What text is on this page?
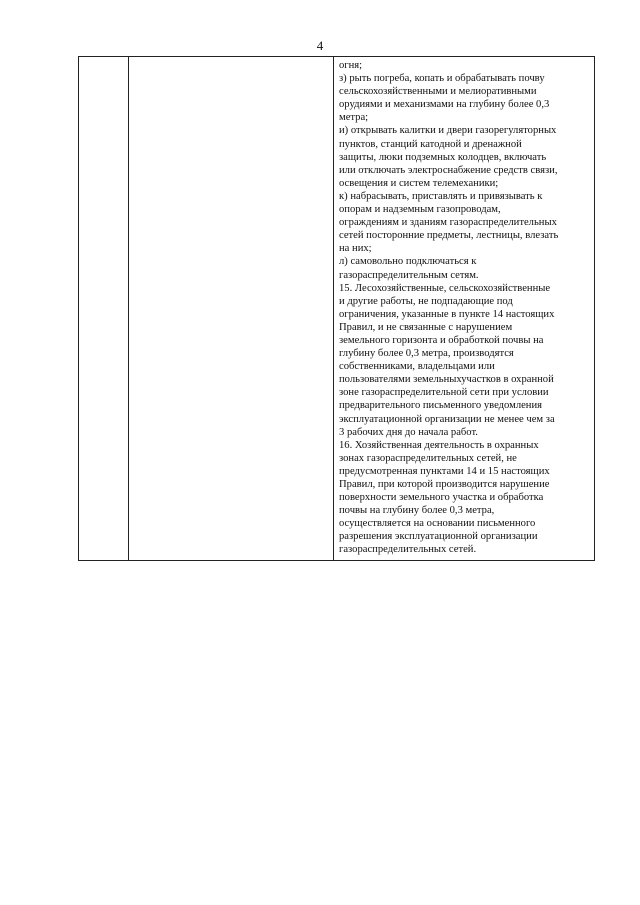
4

огня;
з) рыть погреба, копать и обрабатывать почву
сельскохозяйственными и мелиоративными
орудиями и механизмами на глубину более 0,3
метра;
и) открывать калитки и двери газорегуляторных
пунктов, станций катодной и дренажной
защиты, люки подземных колодцев, включать
или отключать электроснабжение средств связи,
освещения и систем телемеханики;
к) набрасывать, приставлять и привязывать к
опорам и надземным газопроводам,
ограждениям и зданиям газораспределительных
сетей посторонние предметы, лестницы, влезать
на них;
л) самовольно подключаться к
газораспределительным сетям.
15. Лесохозяйственные, сельскохозяйственные
и другие работы, не подпадающие под
ограничения, указанные в пункте 14 настоящих
Правил, и не связанные с нарушением
земельного горизонта и обработкой почвы на
глубину более 0,3 метра, производятся
собственниками, владельцами или
пользователями земельныхучастков в охранной
зоне газораспределительной сети при условии
предварительного письменного уведомления
эксплуатационной организации не менее чем за
3 рабочих дня до начала работ.
16. Хозяйственная деятельность в охранных
зонах газораспределительных сетей, не
предусмотренная пунктами 14 и 15 настоящих
Правил, при которой производится нарушение
поверхности земельного участка и обработка
почвы на глубину более 0,3 метра,
осуществляется на основании письменного
разрешения эксплуатационной организации
газораспределительных сетей.
